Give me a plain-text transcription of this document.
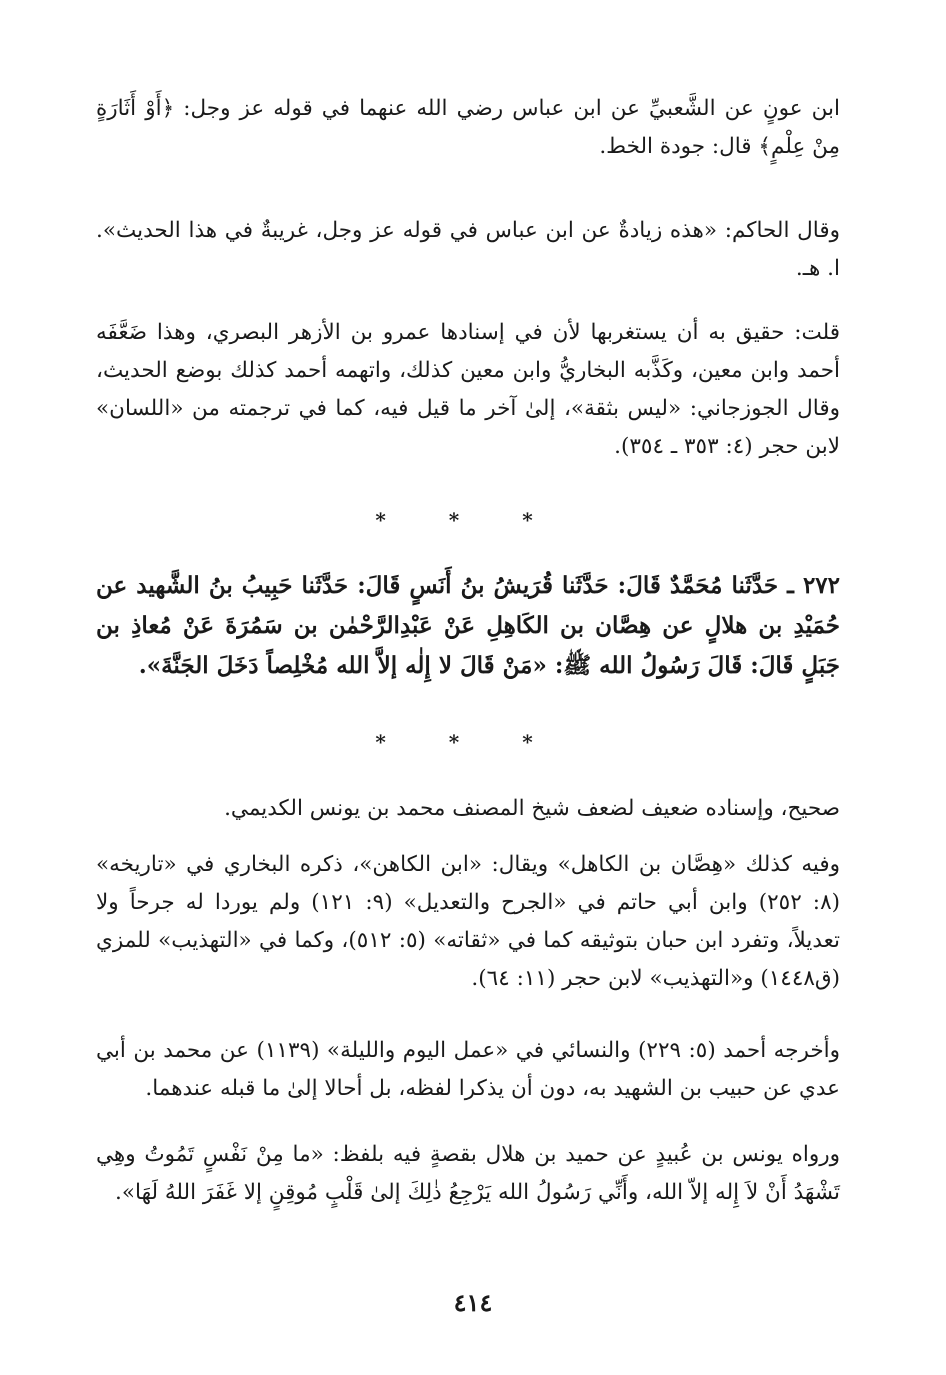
ابن عونٍ عن الشَّعبيِّ عن ابن عباس رضي الله عنهما في قوله عز وجل: ﴿أَوْ أَثَارَةٍ مِنْ عِلْمٍ﴾ قال: جودة الخط.

وقال الحاكم: «هذه زيادةٌ عن ابن عباس في قوله عز وجل، غريبةٌ في هذا الحديث». ا. هـ.

قلت: حقيق به أن يستغربها لأن في إسنادها عمرو بن الأزهر البصري، وهذا ضَعَّفَه أحمد وابن معين، وكَذَّبه البخاريُّ وابن معين كذلك، واتهمه أحمد كذلك بوضع الحديث، وقال الجوزجاني: «ليس بثقة»، إلىٰ آخر ما قيل فيه، كما في ترجمته من «اللسان» لابن حجر (٤: ٣٥٣ ـ ٣٥٤).

* * *

٢٧٢ ـ حَدَّثَنا مُحَمَّدٌ قَالَ: حَدَّثَنا قُرَيشُ بنُ أَنَسٍ قَالَ: حَدَّثَنا حَبِيبُ بنُ الشَّهيد عن حُمَيْدِ بن هلالٍ عن هِصَّان بن الكَاهِلِ عَنْ عَبْدِالرَّحْمٰن بن سَمُرَةَ عَنْ مُعاذِ بن جَبَلٍ قَالَ: قَالَ رَسُولُ الله ﷺ: «مَنْ قَالَ لا إِلٰه إلاَّ الله مُخْلِصاً دَخَلَ الجَنَّةَ».

* * *

صحيح، وإسناده ضعيف لضعف شيخ المصنف محمد بن يونس الكديمي.

وفيه كذلك «هِصَّان بن الكاهل» ويقال: «ابن الكاهن»، ذكره البخاري في «تاريخه» (٨: ٢٥٢) وابن أبي حاتم في «الجرح والتعديل» (٩: ١٢١) ولم يوردا له جرحاً ولا تعديلاً، وتفرد ابن حبان بتوثيقه كما في «ثقاته» (٥: ٥١٢)، وكما في «التهذيب» للمزي (ق١٤٤٨) و«التهذيب» لابن حجر (١١: ٦٤).

وأخرجه أحمد (٥: ٢٢٩) والنسائي في «عمل اليوم والليلة» (١١٣٩) عن محمد بن أبي عدي عن حبيب بن الشهيد به، دون أن يذكرا لفظه، بل أحالا إلىٰ ما قبله عندهما.

ورواه يونس بن عُبيدٍ عن حميد بن هلال بقصةٍ فيه بلفظ: «ما مِنْ نَفْسٍ تَمُوتُ وهِي تَشْهَدُ أَنْ لاَ إِله إلاّ الله، وأَنِّي رَسُولُ الله يَرْجِعُ ذٰلِكَ إلىٰ قَلْبٍ مُوقِنٍ إلا غَفَرَ اللهُ لَهَا».

٤١٤
